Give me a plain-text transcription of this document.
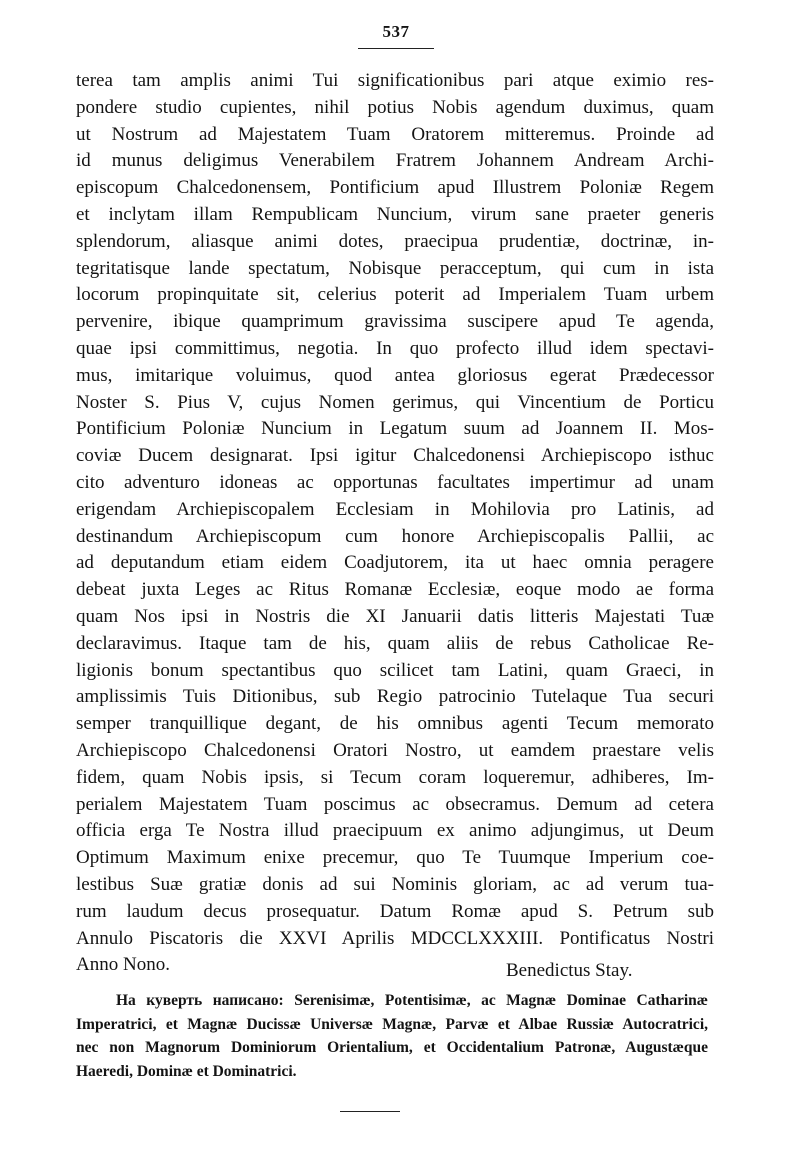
537
terea tam amplis animi Tui significationibus pari atque eximio res-
pondere studio cupientes, nihil potius Nobis agendum duximus, quam
ut Nostrum ad Majestatem Tuam Oratorem mitteremus. Proinde ad
id munus deligimus Venerabilem Fratrem Johannem Andream Archi-
episcopum Chalcedonensem, Pontificium apud Illustrem Poloniæ Regem
et inclytam illam Rempublicam Nuncium, virum sane praeter generis
splendorum, aliasque animi dotes, praecipua prudentiæ, doctrinæ, in-
tegritatisque lande spectatum, Nobisque peracceptum, qui cum in ista
locorum propinquitate sit, celerius poterit ad Imperialem Tuam urbem
pervenire, ibique quamprimum gravissima suscipere apud Te agenda,
quae ipsi committimus, negotia. In quo profecto illud idem spectavi-
mus, imitarique voluimus, quod antea gloriosus egerat Prædecessor
Noster S. Pius V, cujus Nomen gerimus, qui Vincentium de Porticu
Pontificium Poloniæ Nuncium in Legatum suum ad Joannem II. Mos-
coviæ Ducem designarat. Ipsi igitur Chalcedonensi Archiepiscopo isthuc
cito adventuro idoneas ac opportunas facultates impertimur ad unam
erigendam Archiepiscopalem Ecclesiam in Mohilovia pro Latinis, ad
destinandum Archiepiscopum cum honore Archiepiscopalis Pallii, ac
ad deputandum etiam eidem Coadjutorem, ita ut haec omnia peragere
debeat juxta Leges ac Ritus Romanæ Ecclesiæ, eoque modo ae forma
quam Nos ipsi in Nostris die XI Januarii datis litteris Majestati Tuæ
declaravimus. Itaque tam de his, quam aliis de rebus Catholicae Re-
ligionis bonum spectantibus quo scilicet tam Latini, quam Graeci, in
amplissimis Tuis Ditionibus, sub Regio patrocinio Tutelaque Tua securi
semper tranquillique degant, de his omnibus agenti Tecum memorato
Archiepiscopo Chalcedonensi Oratori Nostro, ut eamdem praestare velis
fidem, quam Nobis ipsis, si Tecum coram loqueremur, adhiberes, Im-
perialem Majestatem Tuam poscimus ac obsecramus. Demum ad cetera
officia erga Te Nostra illud praecipuum ex animo adjungimus, ut Deum
Optimum Maximum enixe precemur, quo Te Tuumque Imperium coe-
lestibus Suæ gratiæ donis ad sui Nominis gloriam, ac ad verum tua-
rum laudum decus prosequatur. Datum Romæ apud S. Petrum sub
Annulo Piscatoris die XXVI Aprilis MDCCLXXXIII. Pontificatus Nostri
Anno Nono.	Benedictus Stay.
На куверть написано: Serenisimæ, Potentisimæ, ac Magnæ Dominae Catharinæ
Imperatrici, et Magnæ Ducissæ Universæ Magnæ, Parvæ et Albae Russiæ Autocratrici,
nec non Magnorum Dominiorum Orientalium, et Occidentalium Patronæ, Augustæque
Haeredi, Dominæ et Dominatrici.
